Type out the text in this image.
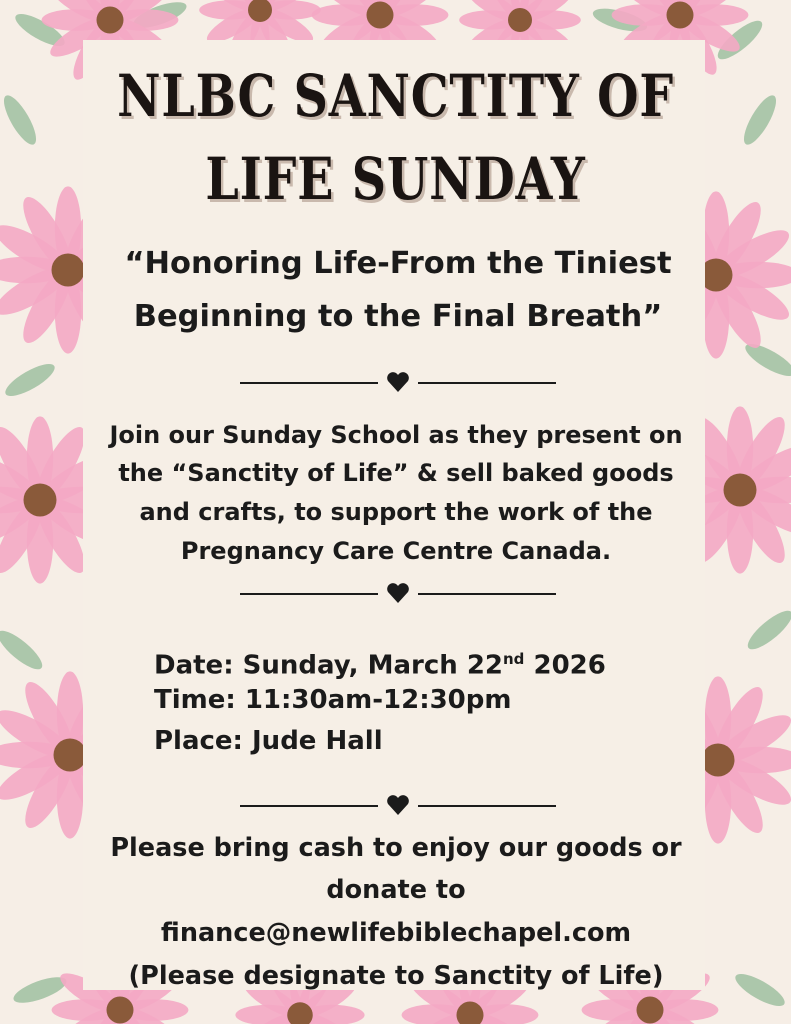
NLBC SANCTITY OF
LIFE SUNDAY
“Honoring Life-From the Tiniest
Beginning to the Final Breath”
Join our Sunday School as they present on
the “Sanctity of Life” & sell baked goods
and crafts, to support the work of the
Pregnancy Care Centre Canada.
Date: Sunday, March 22nd 2026
Time: 11:30am-12:30pm
Place: Jude Hall
Please bring cash to enjoy our goods or
donate to
finance@newlifebiblechapel.com
(Please designate to Sanctity of Life)
